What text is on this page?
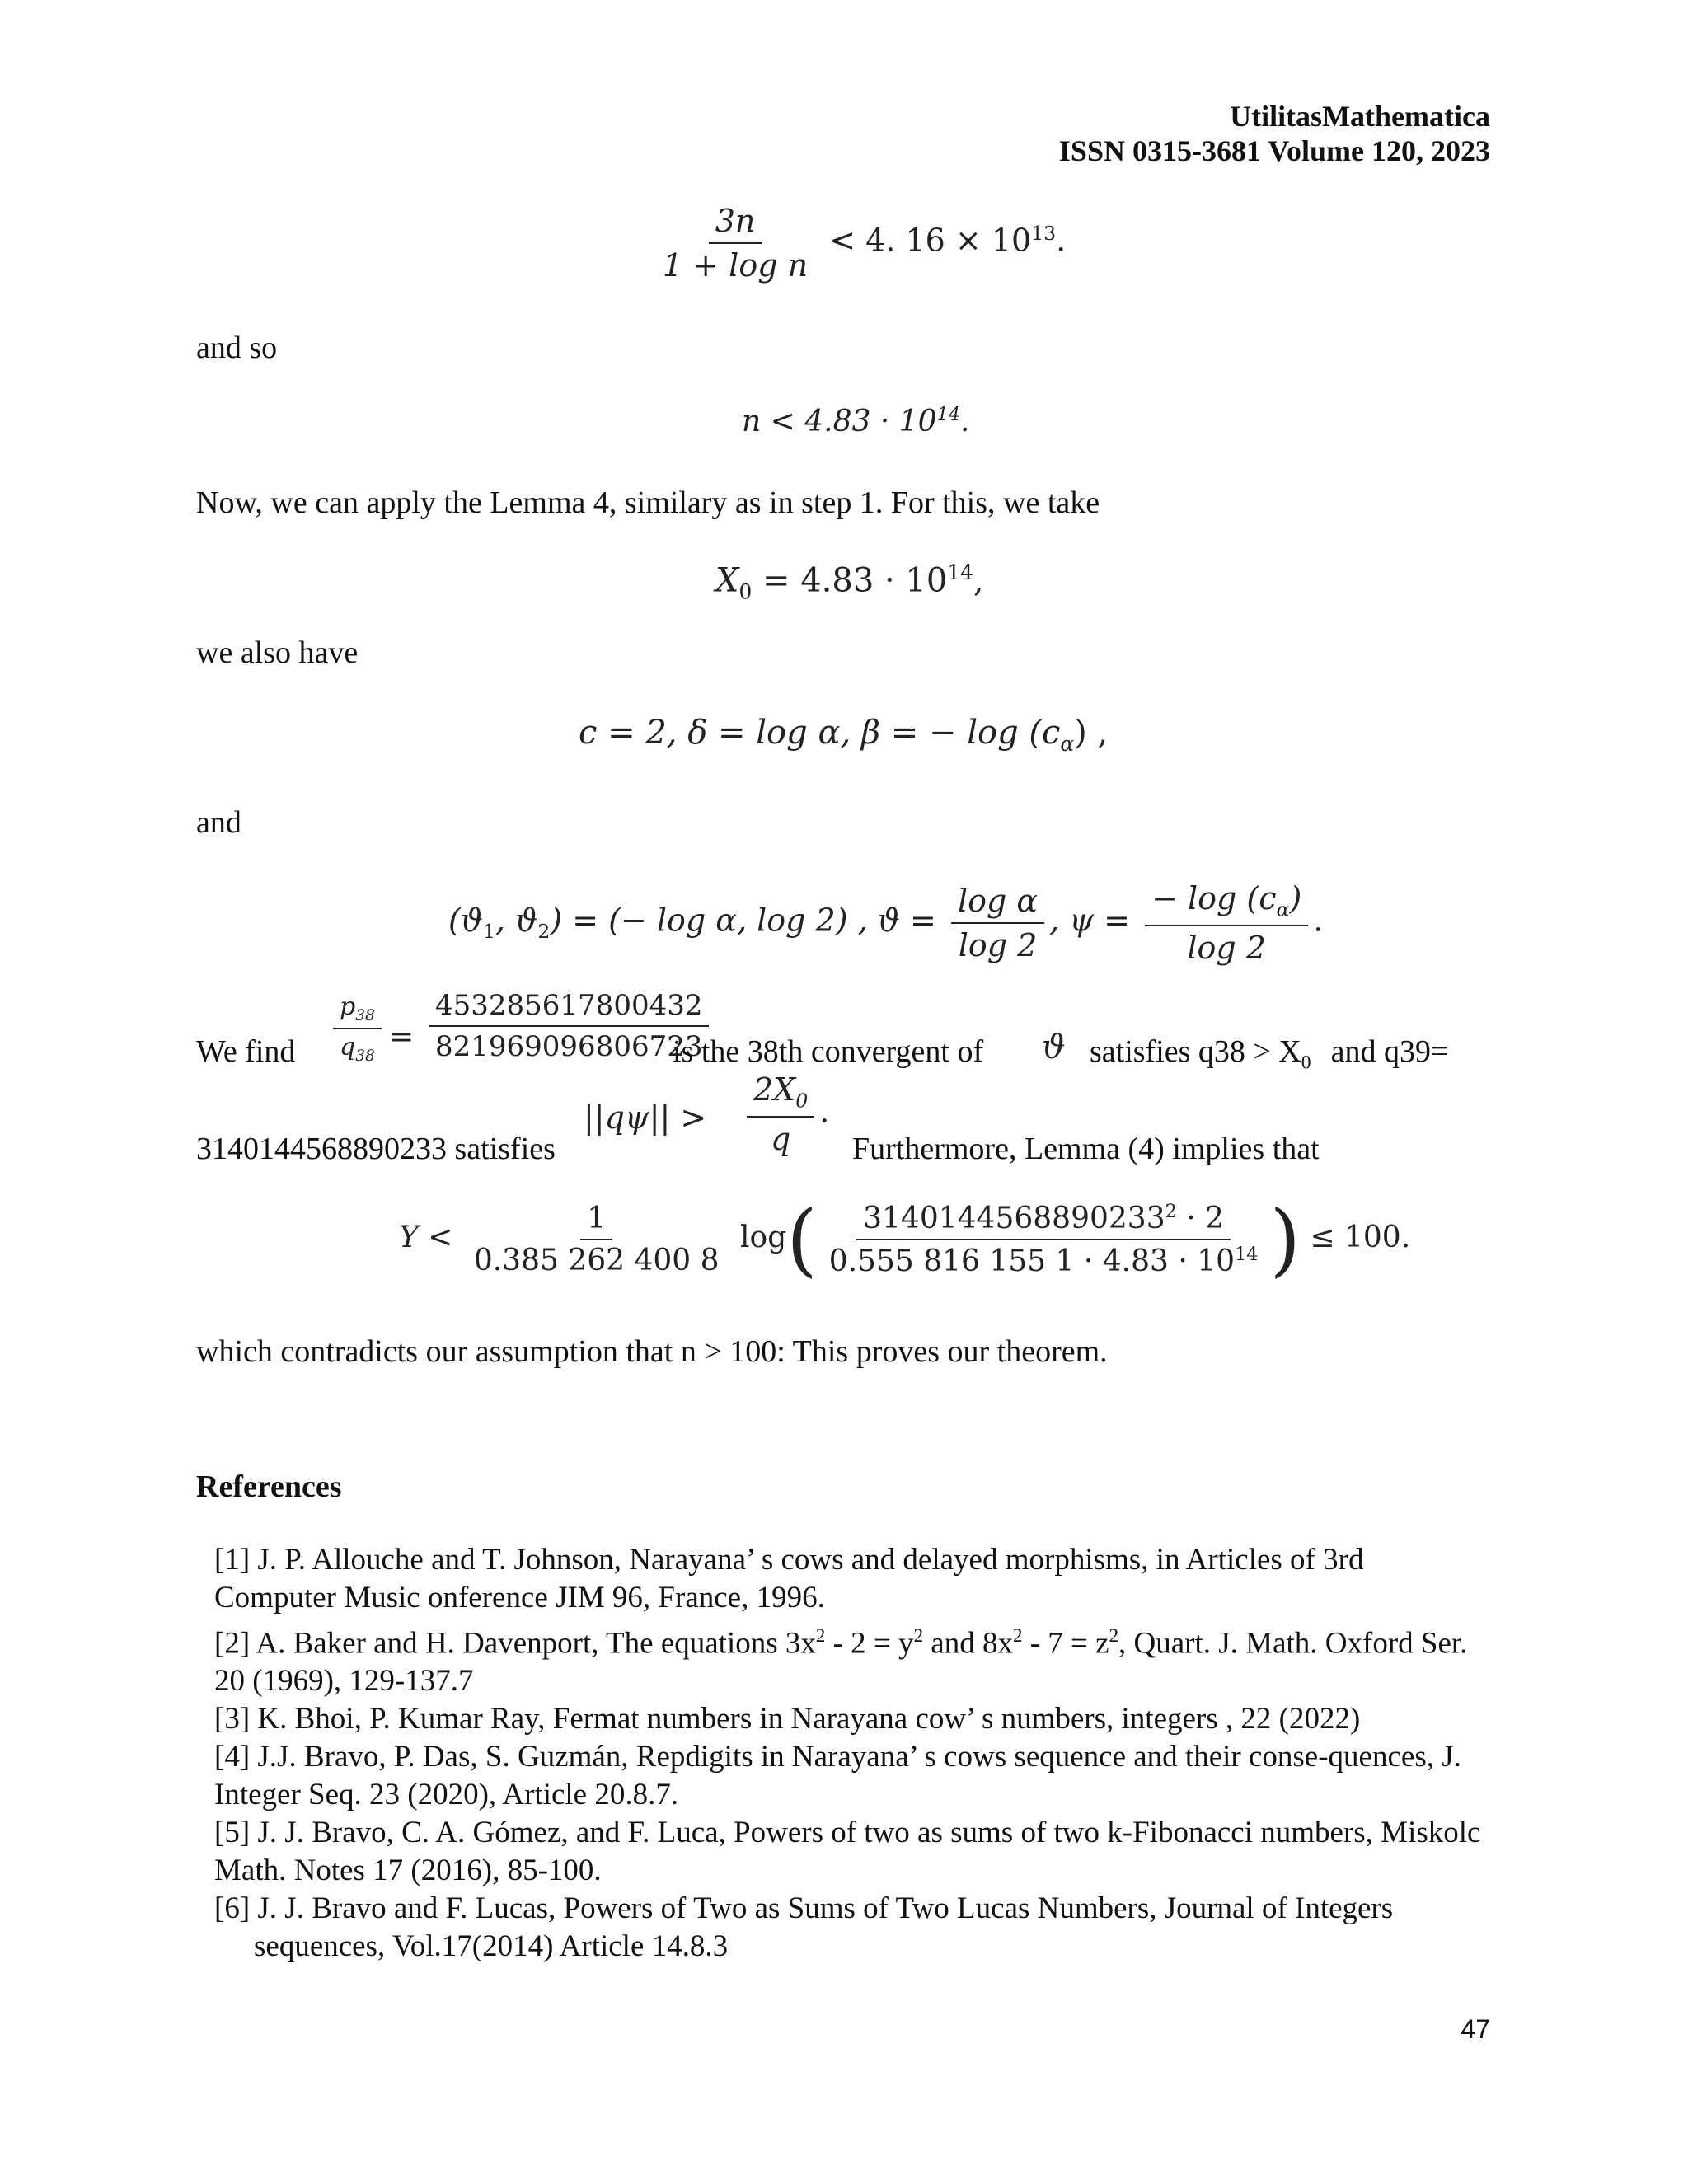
UtilitasMathematica
ISSN 0315-3681 Volume 120, 2023
$\frac{3n}{\text{1 + log n}} < 4$. $16 \times 10^{13}$.
and so
$n < 4.83 \cdot 10^{14}$.
Now, we can apply the Lemma 4, similary as in step 1. For this, we take
$X_0 = 4.83 \cdot 10^{14}$,
we also have
c = 2, δ = log α, β = − $\log (c_\alpha)$ ,
and
($ϑ_1$, $ϑ_2$) = (− log α, log 2) , $ϑ = \frac{\text{log α}}{\log 2}$ , $\psi = \frac{- \log (c_\alpha)}{\log 2}$ .
We find $\frac{p_{38}}{q_{38}} = \frac{453285617800432}{821969096806723}$
is the 38th convergent of ϑ satisfies $q38 > X_0$ and q39=
$||q\psi|| > \frac{2X_0}{q}$ .
3140144568890233 satisfies	Furthermore, Lemma (4) implies that
$Y < \frac{1}{0.385 262 400 8} \log( \frac{3140144568890233^2 \cdot 2}{0.555 816 155 1 \cdot 4.83 \cdot 10^{14}}$ ) ≤ 100.
which contradicts our assumption that n > 100: This proves our theorem.
References

[1] J. P. Allouche and T. Johnson, Narayana’ s cows and delayed morphisms, in Articles of 3rd Computer Music onference JIM 96, France, 1996.

[2] A. Baker and H. Davenport, The equations $3x^2 - 2 = y^2$ and $8x^2 - 7 = z^2$, Quart. J. Math. Oxford Ser. 20 (1969), 129-137.7

[3] K. Bhoi, P. Kumar Ray, Fermat numbers in Narayana cow’ s numbers, integers , 22 (2022)

[4] J.J. Bravo, P. Das, S. Guzmán, Repdigits in Narayana’ s cows sequence and their conse-quences, J. Integer Seq. 23 (2020), Article 20.8.7.

[5] J. J. Bravo, C. A. Gómez, and F. Luca, Powers of two as sums of two k-Fibonacci numbers, Miskolc Math. Notes 17 (2016), 85-100.

[6] J. J. Bravo and F. Lucas, Powers of Two as Sums of Two Lucas Numbers, Journal of Integers sequences, Vol.17(2014) Article 14.8.3

47
